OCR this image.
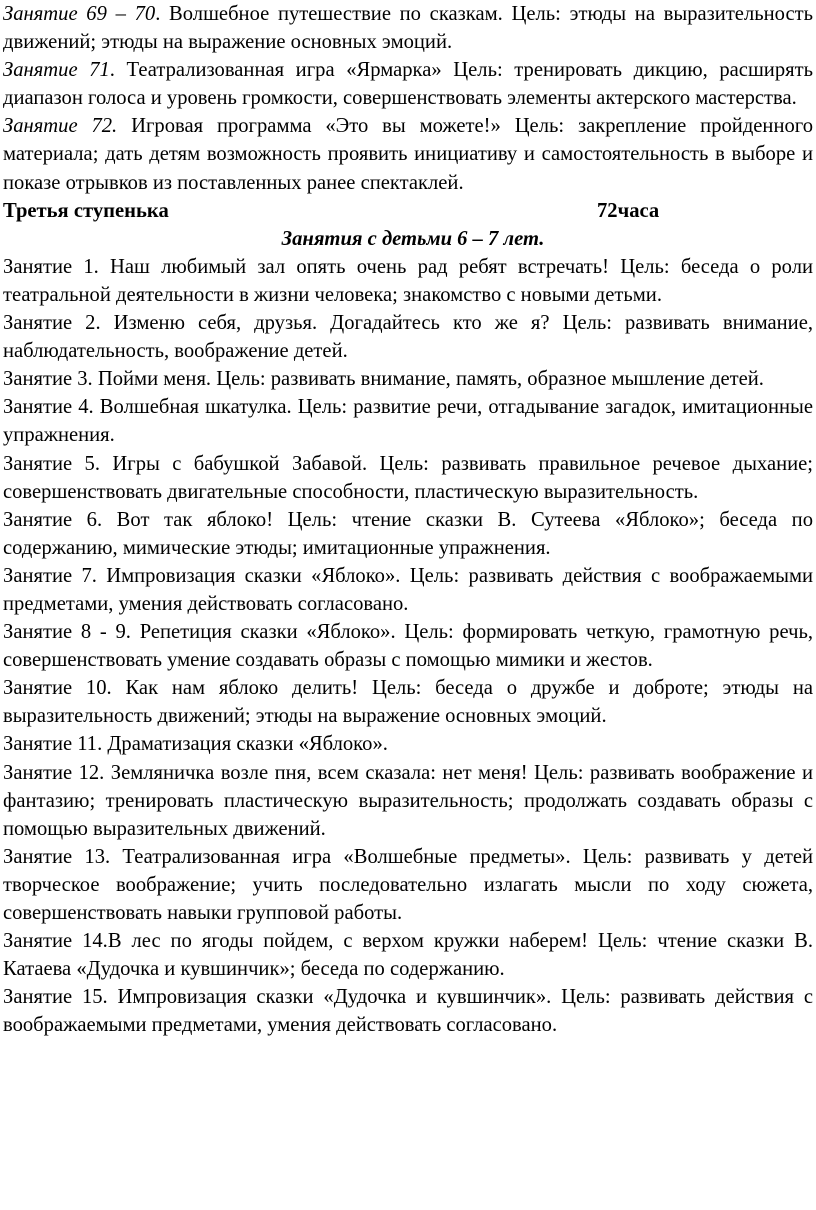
Занятие 69 – 70. Волшебное путешествие по сказкам. Цель: этюды на выразительность движений; этюды на выражение основных эмоций.

Занятие 71. Театрализованная игра «Ярмарка» Цель: тренировать дикцию, расширять диапазон голоса и уровень громкости, совершенствовать элементы актерского мастерства.

Занятие 72. Игровая программа «Это вы можете!» Цель: закрепление пройденного материала; дать детям возможность проявить инициативу и самостоятельность в выборе и показе отрывков из поставленных ранее спектаклей.

Третья ступенька	72часа

Занятия с детьми 6 – 7 лет.

Занятие 1. Наш любимый зал опять очень рад ребят встречать! Цель: беседа о роли театральной деятельности в жизни человека; знакомство с новыми детьми.

Занятие 2. Изменю себя, друзья. Догадайтесь кто же я? Цель: развивать внимание, наблюдательность, воображение детей.

Занятие 3. Пойми меня. Цель: развивать внимание, память, образное мышление детей.

Занятие 4. Волшебная шкатулка. Цель: развитие речи, отгадывание загадок, имитационные упражнения.

Занятие 5. Игры с бабушкой Забавой. Цель: развивать правильное речевое дыхание; совершенствовать двигательные способности, пластическую выразительность.

Занятие 6. Вот так яблоко! Цель: чтение сказки В. Сутеева «Яблоко»; беседа по содержанию, мимические этюды; имитационные упражнения.

Занятие 7. Импровизация сказки «Яблоко». Цель: развивать действия с воображаемыми предметами, умения действовать согласовано.

Занятие 8 - 9. Репетиция сказки «Яблоко». Цель: формировать четкую, грамотную речь, совершенствовать умение создавать образы с помощью мимики и жестов.

Занятие 10. Как нам яблоко делить! Цель: беседа о дружбе и доброте; этюды на выразительность движений; этюды на выражение основных эмоций.

Занятие 11. Драматизация сказки «Яблоко».

Занятие 12. Земляничка возле пня, всем сказала: нет меня! Цель: развивать воображение и фантазию; тренировать пластическую выразительность; продолжать создавать образы с помощью выразительных движений.

Занятие 13. Театрализованная игра «Волшебные предметы». Цель: развивать у детей творческое воображение; учить последовательно излагать мысли по ходу сюжета, совершенствовать навыки групповой работы.

Занятие 14.В лес по ягоды пойдем, с верхом кружки наберем! Цель: чтение сказки В. Катаева «Дудочка и кувшинчик»; беседа по содержанию.

Занятие 15. Импровизация сказки «Дудочка и кувшинчик». Цель: развивать действия с воображаемыми предметами, умения действовать согласовано.
